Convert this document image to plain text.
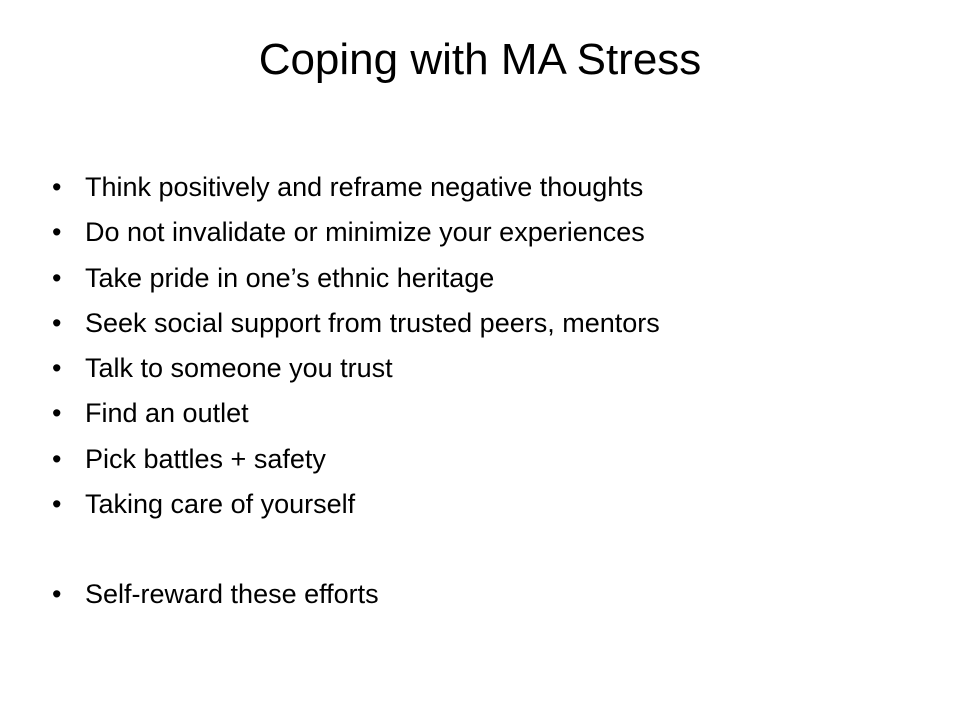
Coping with MA Stress
• Think positively and reframe negative thoughts
• Do not invalidate or minimize your experiences
• Take pride in one’s ethnic heritage
• Seek social support from trusted peers, mentors
• Talk to someone you trust
• Find an outlet
• Pick battles + safety
• Taking care of yourself
• Self-reward these efforts
